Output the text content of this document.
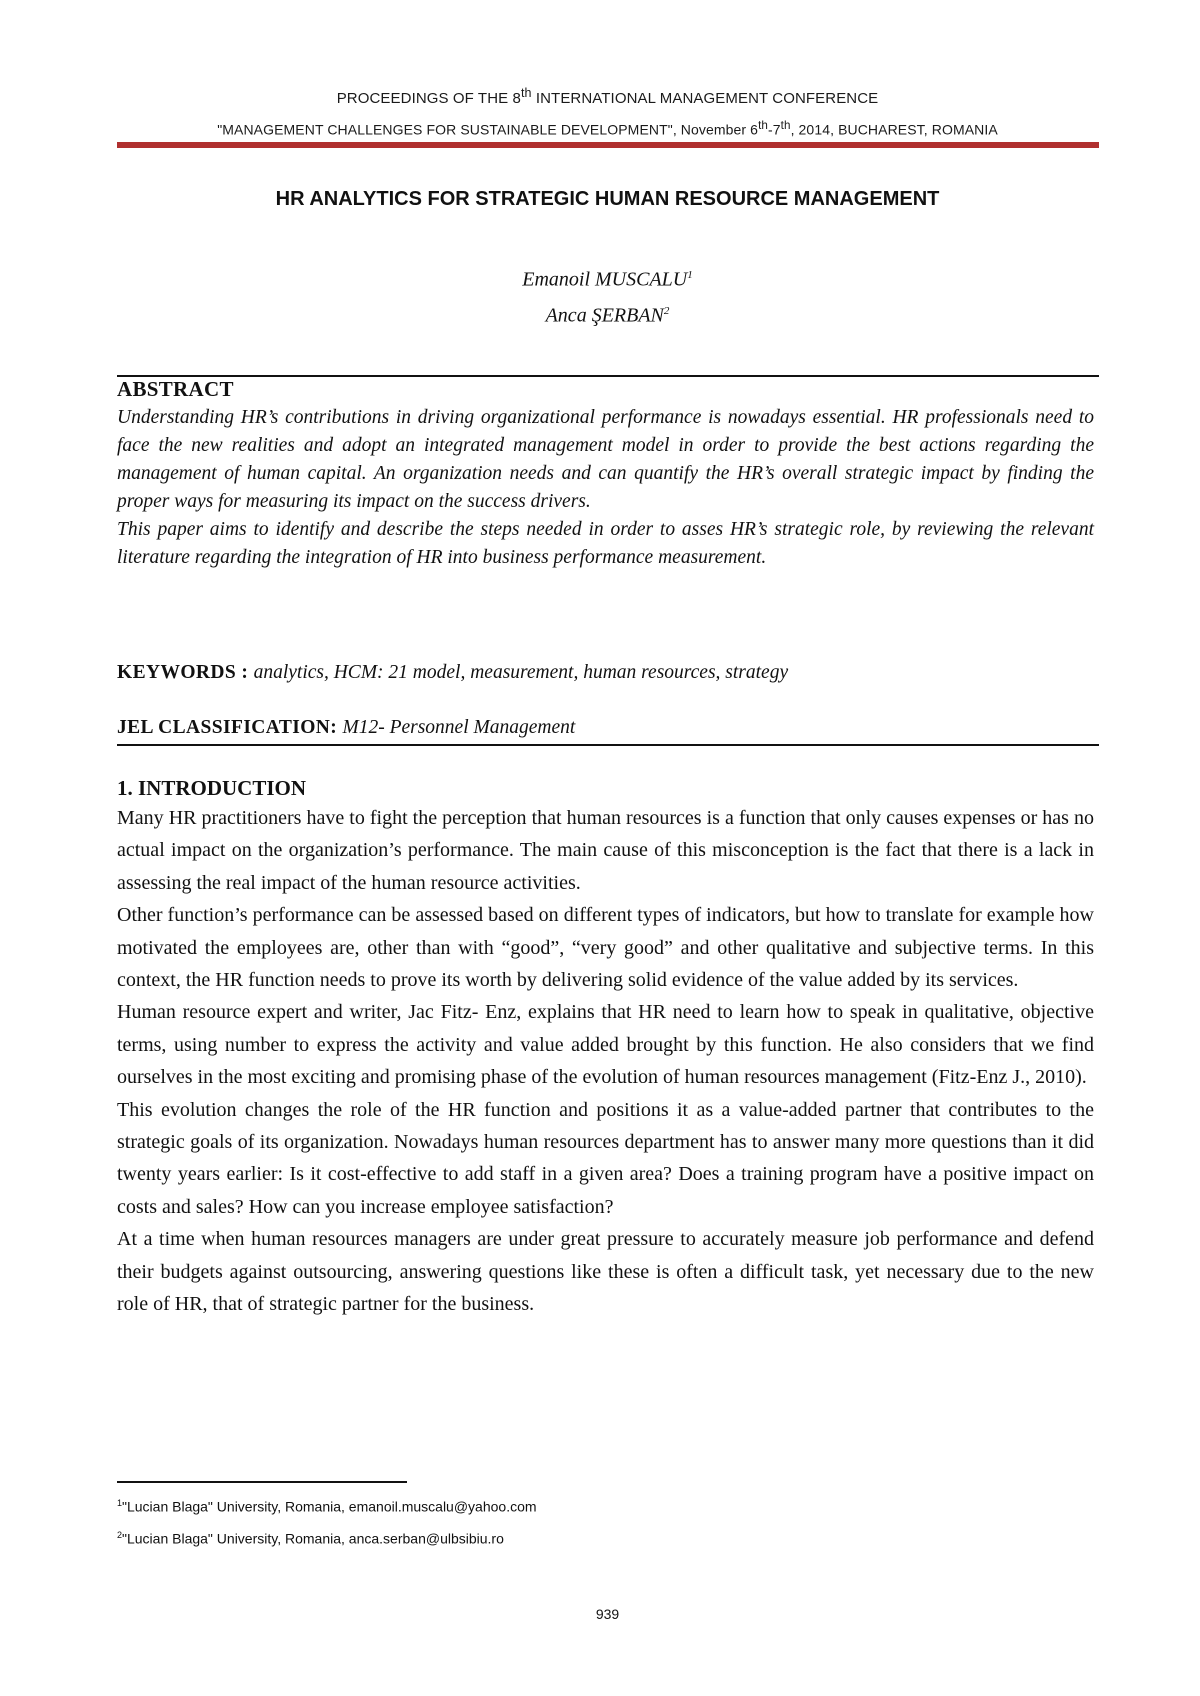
PROCEEDINGS OF THE 8th INTERNATIONAL MANAGEMENT CONFERENCE
"MANAGEMENT CHALLENGES FOR SUSTAINABLE DEVELOPMENT", November 6th-7th, 2014, BUCHAREST, ROMANIA
HR ANALYTICS FOR STRATEGIC HUMAN RESOURCE MANAGEMENT
Emanoil MUSCALU$^1$
Anca ŞERBAN$^2$
ABSTRACT

Understanding HR’s contributions in driving organizational performance is nowadays essential. HR professionals need to face the new realities and adopt an integrated management model in order to provide the best actions regarding the management of human capital. An organization needs and can quantify the HR’s overall strategic impact by finding the proper ways for measuring its impact on the success drivers.

This paper aims to identify and describe the steps needed in order to asses HR’s strategic role, by reviewing the relevant literature regarding the integration of HR into business performance measurement.

KEYWORDS : analytics, HCM: 21 model, measurement, human resources, strategy
JEL CLASSIFICATION: M12- Personnel Management
1. INTRODUCTION

Many HR practitioners have to fight the perception that human resources is a function that only causes expenses or has no actual impact on the organization’s performance. The main cause of this misconception is the fact that there is a lack in assessing the real impact of the human resource activities.

Other function’s performance can be assessed based on different types of indicators, but how to translate for example how motivated the employees are, other than with “good”, “very good” and other qualitative and subjective terms. In this context, the HR function needs to prove its worth by delivering solid evidence of the value added by its services.

Human resource expert and writer, Jac Fitz- Enz, explains that HR need to learn how to speak in qualitative, objective terms, using number to express the activity and value added brought by this function. He also considers that we find ourselves in the most exciting and promising phase of the evolution of human resources management (Fitz-Enz J., 2010).

This evolution changes the role of the HR function and positions it as a value-added partner that contributes to the strategic goals of its organization. Nowadays human resources department has to answer many more questions than it did twenty years earlier: Is it cost-effective to add staff in a given area? Does a training program have a positive impact on costs and sales? How can you increase employee satisfaction?

At a time when human resources managers are under great pressure to accurately measure job performance and defend their budgets against outsourcing, answering questions like these is often a difficult task, yet necessary due to the new role of HR, that of strategic partner for the business.

$^1$"Lucian Blaga" University, Romania, emanoil.muscalu@yahoo.com

$^2$"Lucian Blaga" University, Romania, anca.serban@ulbsibiu.ro

939
